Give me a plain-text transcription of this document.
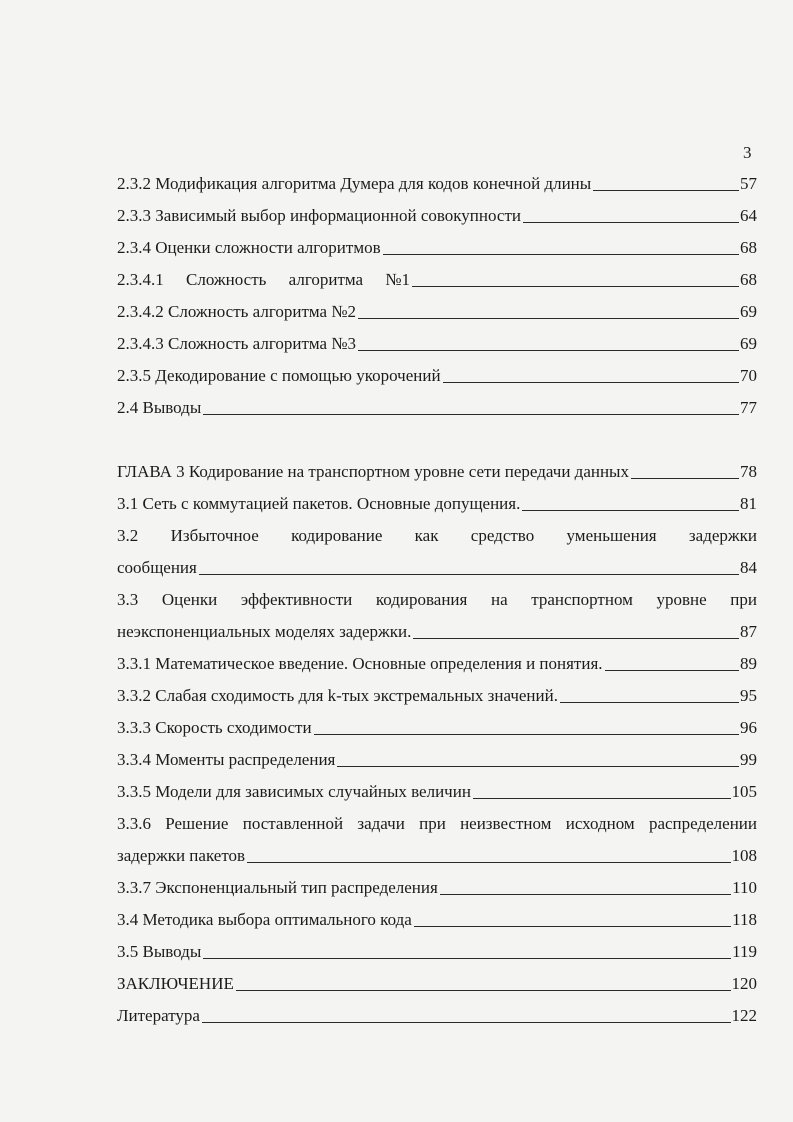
3
2.3.2 Модификация алгоритма Думера для кодов конечной длины	57
2.3.3 Зависимый выбор информационной совокупности	64
2.3.4 Оценки сложности алгоритмов	68
2.3.4.1 Сложность алгоритма №1	68
2.3.4.2 Сложность алгоритма №2	69
2.3.4.3 Сложность алгоритма №3	69
2.3.5 Декодирование с помощью укорочений	70
2.4 Выводы	77
ГЛАВА 3 Кодирование на транспортном уровне сети передачи данных	78
3.1 Сеть с коммутацией пакетов. Основные допущения.	81
3.2 Избыточное кодирование как средство уменьшения задержки
сообщения	84
3.3 Оценки эффективности кодирования на транспортном уровне при
неэкспоненциальных моделях задержки.	87
3.3.1 Математическое введение. Основные определения и понятия.	89
3.3.2 Слабая сходимость для k-тых экстремальных значений.	95
3.3.3 Скорость сходимости	96
3.3.4 Моменты распределения	99
3.3.5 Модели для зависимых случайных величин	105
3.3.6 Решение поставленной задачи при неизвестном исходном распределении
задержки пакетов	108
3.3.7 Экспоненциальный тип распределения	110
3.4 Методика выбора оптимального кода	118
3.5 Выводы	119
ЗАКЛЮЧЕНИЕ	120
Литература	122
